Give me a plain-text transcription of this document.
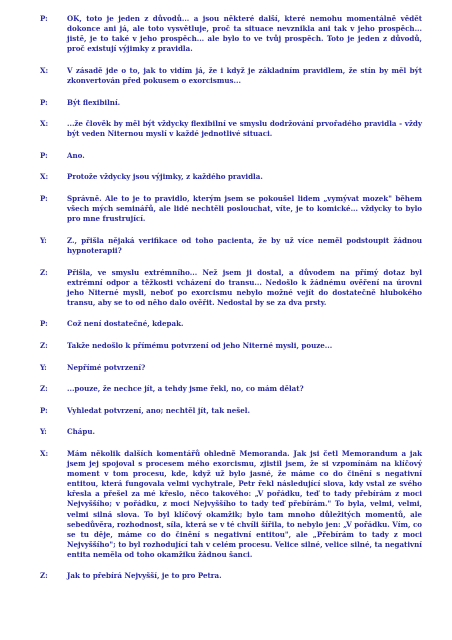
P:	OK, toto je jeden z důvodů... a jsou některé další, které nemohu momentálně vědět dokonce ani já, ale toto vysvětluje, proč ta situace nevznikla ani tak v jeho prospěch... jistě, je to také v jeho prospěch... ale bylo to ve tvůj prospěch. Toto je jeden z důvodů, proč existují výjimky z pravidla.
X:	V zásadě jde o to, jak to vidím já, že i když je základním pravidlem, že stín by měl být zkonvertován před pokusem o exorcismus...
P:	Být flexibilní.
X:	...že člověk by měl být vždycky flexibilní ve smyslu dodržování prvořadého pravidla - vždy být veden Niternou myslí v každé jednotlivé situaci.
P:	Ano.
X:	Protože vždycky jsou výjimky, z každého pravidla.
P:	Správně. Ale to je to pravidlo, kterým jsem se pokoušel lidem „vymývat mozek" během všech mých seminářů, ale lidé nechtěli poslouchat, víte, je to komické... vždycky to bylo pro mne frustrující.
Y:	Z., přišla nějaká verifikace od toho pacienta, že by už více neměl podstoupit žádnou hypnoterapii?
Z:	Přišla, ve smyslu extrémního... Než jsem ji dostal, a důvodem na přímý dotaz byl extrémní odpor a těžkosti vcházení do transu... Nedošlo k žádnému ověření na úrovni jeho Niterné mysli, neboť po exorcismu nebylo možné vejít do dostatečně hlubokého transu, aby se to od něho dalo ověřit. Nedostal by se za dva prsty.
P:	Což není dostatečné, kdepak.
Z:	Takže nedošlo k přímému potvrzení od jeho Niterné mysli, pouze...
Y:	Nepřímé potvrzení?
Z:	...pouze, že nechce jít, a tehdy jsme řekl, no, co mám dělat?
P:	Vyhledat potvrzení, ano; nechtěl jít, tak nešel.
Y:	Chápu.
X:	Mám několik dalších komentářů ohledně Memoranda. Jak jsi četl Memorandum a jak jsem jej spojoval s procesem mého exorcismu, zjistil jsem, že si vzpomínám na klíčový moment v tom procesu, kde, když už bylo jasné, že máme co do činění s negativní entitou, která fungovala velmi vychytrale, Petr řekl následující slova, kdy vstal ze svého křesla a přešel za mé křeslo, něco takového: „V pořádku, teď to tady přebírám z moci Nejvyššího; v pořádku, z moci Nejvyššího to tady teď přebírám." To byla, velmi, velmi, velmi silná slova. To byl klíčový okamžik; bylo tam mnoho důležitých momentů, ale sebedůvěra, rozhodnost, síla, která se v té chvíli šířila, to nebylo jen: „V pořádku. Vím, co se tu děje, máme co do činění s negativní entitou", ale „Přebírám to tady z moci Nejvyššího"; to byl rozhodující tah v celém procesu. Velice silné, velice silné, ta negativní entita neměla od toho okamžiku žádnou šanci.
Z:	Jak to přebírá Nejvyšší, je to pro Petra.
